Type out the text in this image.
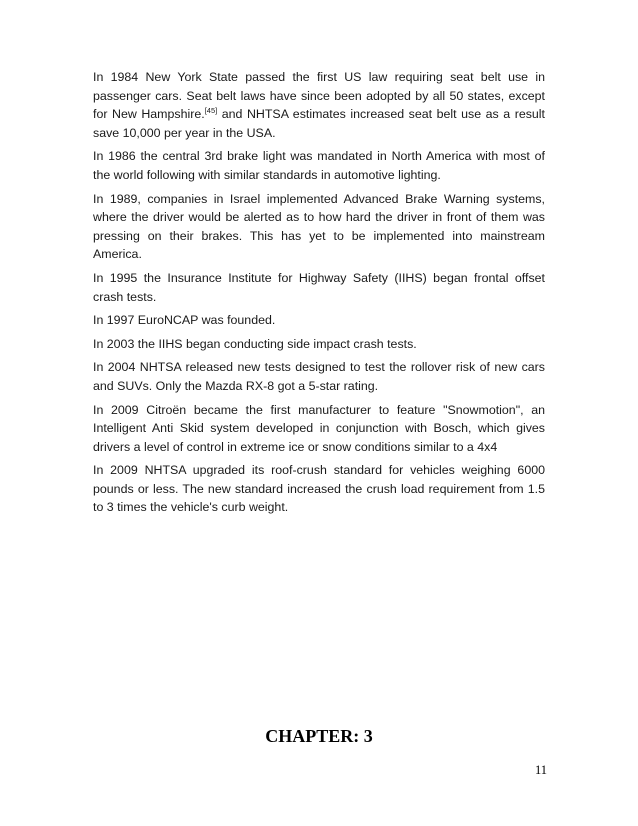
In 1984 New York State passed the first US law requiring seat belt use in passenger cars. Seat belt laws have since been adopted by all 50 states, except for New Hampshire.[45] and NHTSA estimates increased seat belt use as a result save 10,000 per year in the USA.

In 1986 the central 3rd brake light was mandated in North America with most of the world following with similar standards in automotive lighting.

In 1989, companies in Israel implemented Advanced Brake Warning systems, where the driver would be alerted as to how hard the driver in front of them was pressing on their brakes. This has yet to be implemented into mainstream America.

In 1995 the Insurance Institute for Highway Safety (IIHS) began frontal offset crash tests.

In 1997 EuroNCAP was founded.

In 2003 the IIHS began conducting side impact crash tests.

In 2004 NHTSA released new tests designed to test the rollover risk of new cars and SUVs. Only the Mazda RX-8 got a 5-star rating.

In 2009 Citroën became the first manufacturer to feature "Snowmotion", an Intelligent Anti Skid system developed in conjunction with Bosch, which gives drivers a level of control in extreme ice or snow conditions similar to a 4x4

In 2009 NHTSA upgraded its roof-crush standard for vehicles weighing 6000 pounds or less. The new standard increased the crush load requirement from 1.5 to 3 times the vehicle's curb weight.

CHAPTER: 3
11
